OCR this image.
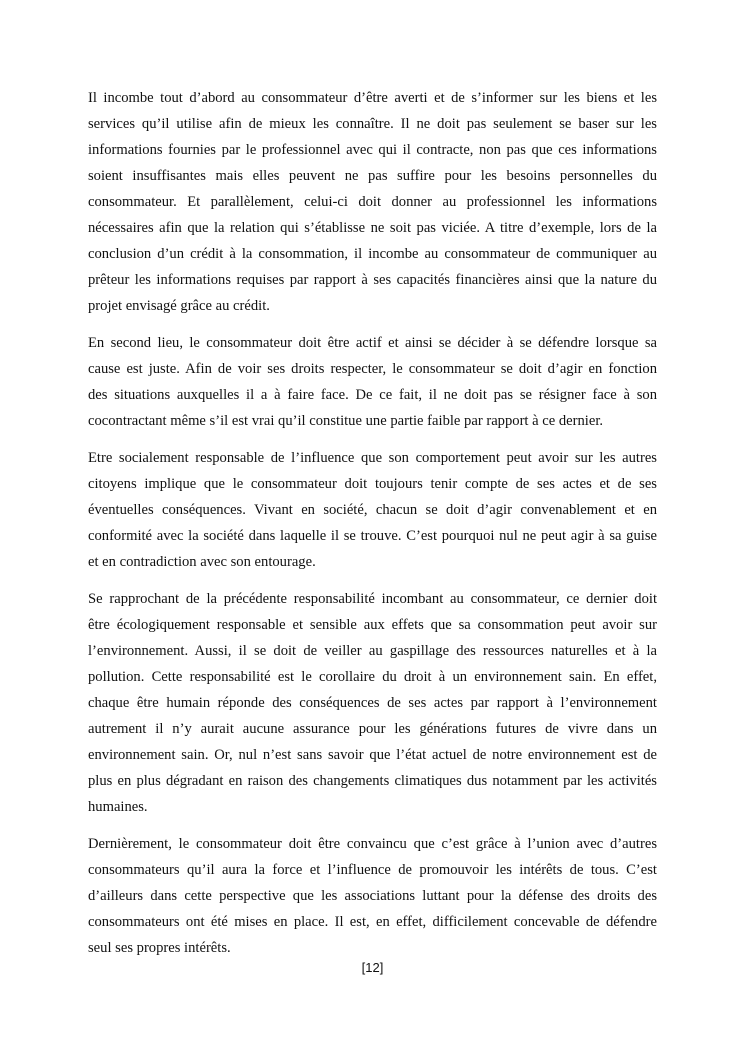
Il incombe tout d’abord au consommateur d’être averti et de s’informer sur les biens et les
services qu’il utilise afin de mieux les connaître. Il ne doit pas seulement se baser sur les
informations fournies par le professionnel avec qui il contracte, non pas que ces informations
soient insuffisantes mais elles peuvent ne pas suffire pour les besoins personnelles du
consommateur. Et parallèlement, celui-ci doit donner au professionnel les informations
nécessaires afin que la relation qui s’établisse ne soit pas viciée. A titre d’exemple, lors de la
conclusion d’un crédit à la consommation, il incombe au consommateur de communiquer au
prêteur les informations requises par rapport à ses capacités financières ainsi que la nature du
projet envisagé grâce au crédit.
En second lieu, le consommateur doit être actif et ainsi se décider à se défendre lorsque sa
cause est juste. Afin de voir ses droits respecter, le consommateur se doit d’agir en fonction
des situations auxquelles il a à faire face. De ce fait, il ne doit pas se résigner face à son
cocontractant même s’il est vrai qu’il constitue une partie faible par rapport à ce dernier.
Etre socialement responsable de l’influence que son comportement peut avoir sur les autres
citoyens implique que le consommateur doit toujours tenir compte de ses actes et de ses
éventuelles conséquences. Vivant en société, chacun se doit d’agir convenablement et en
conformité avec la société dans laquelle il se trouve. C’est pourquoi nul ne peut agir à sa guise
et en contradiction avec son entourage.
Se rapprochant de la précédente responsabilité incombant au consommateur, ce dernier doit
être écologiquement responsable et sensible aux effets que sa consommation peut avoir sur
l’environnement. Aussi, il se doit de veiller au gaspillage des ressources naturelles et à la
pollution. Cette responsabilité est le corollaire du droit à un environnement sain. En effet,
chaque être humain réponde des conséquences de ses actes par rapport à l’environnement
autrement il n’y aurait aucune assurance pour les générations futures de vivre dans un
environnement sain. Or, nul n’est sans savoir que l’état actuel de notre environnement est de
plus en plus dégradant en raison des changements climatiques dus notamment par les activités
humaines.
Dernièrement, le consommateur doit être convaincu que c’est grâce à l’union avec d’autres
consommateurs qu’il aura la force et l’influence de promouvoir les intérêts de tous. C’est
d’ailleurs dans cette perspective que les associations luttant pour la défense des droits des
consommateurs ont été mises en place. Il est, en effet, difficilement concevable de défendre
seul ses propres intérêts.
[12]
